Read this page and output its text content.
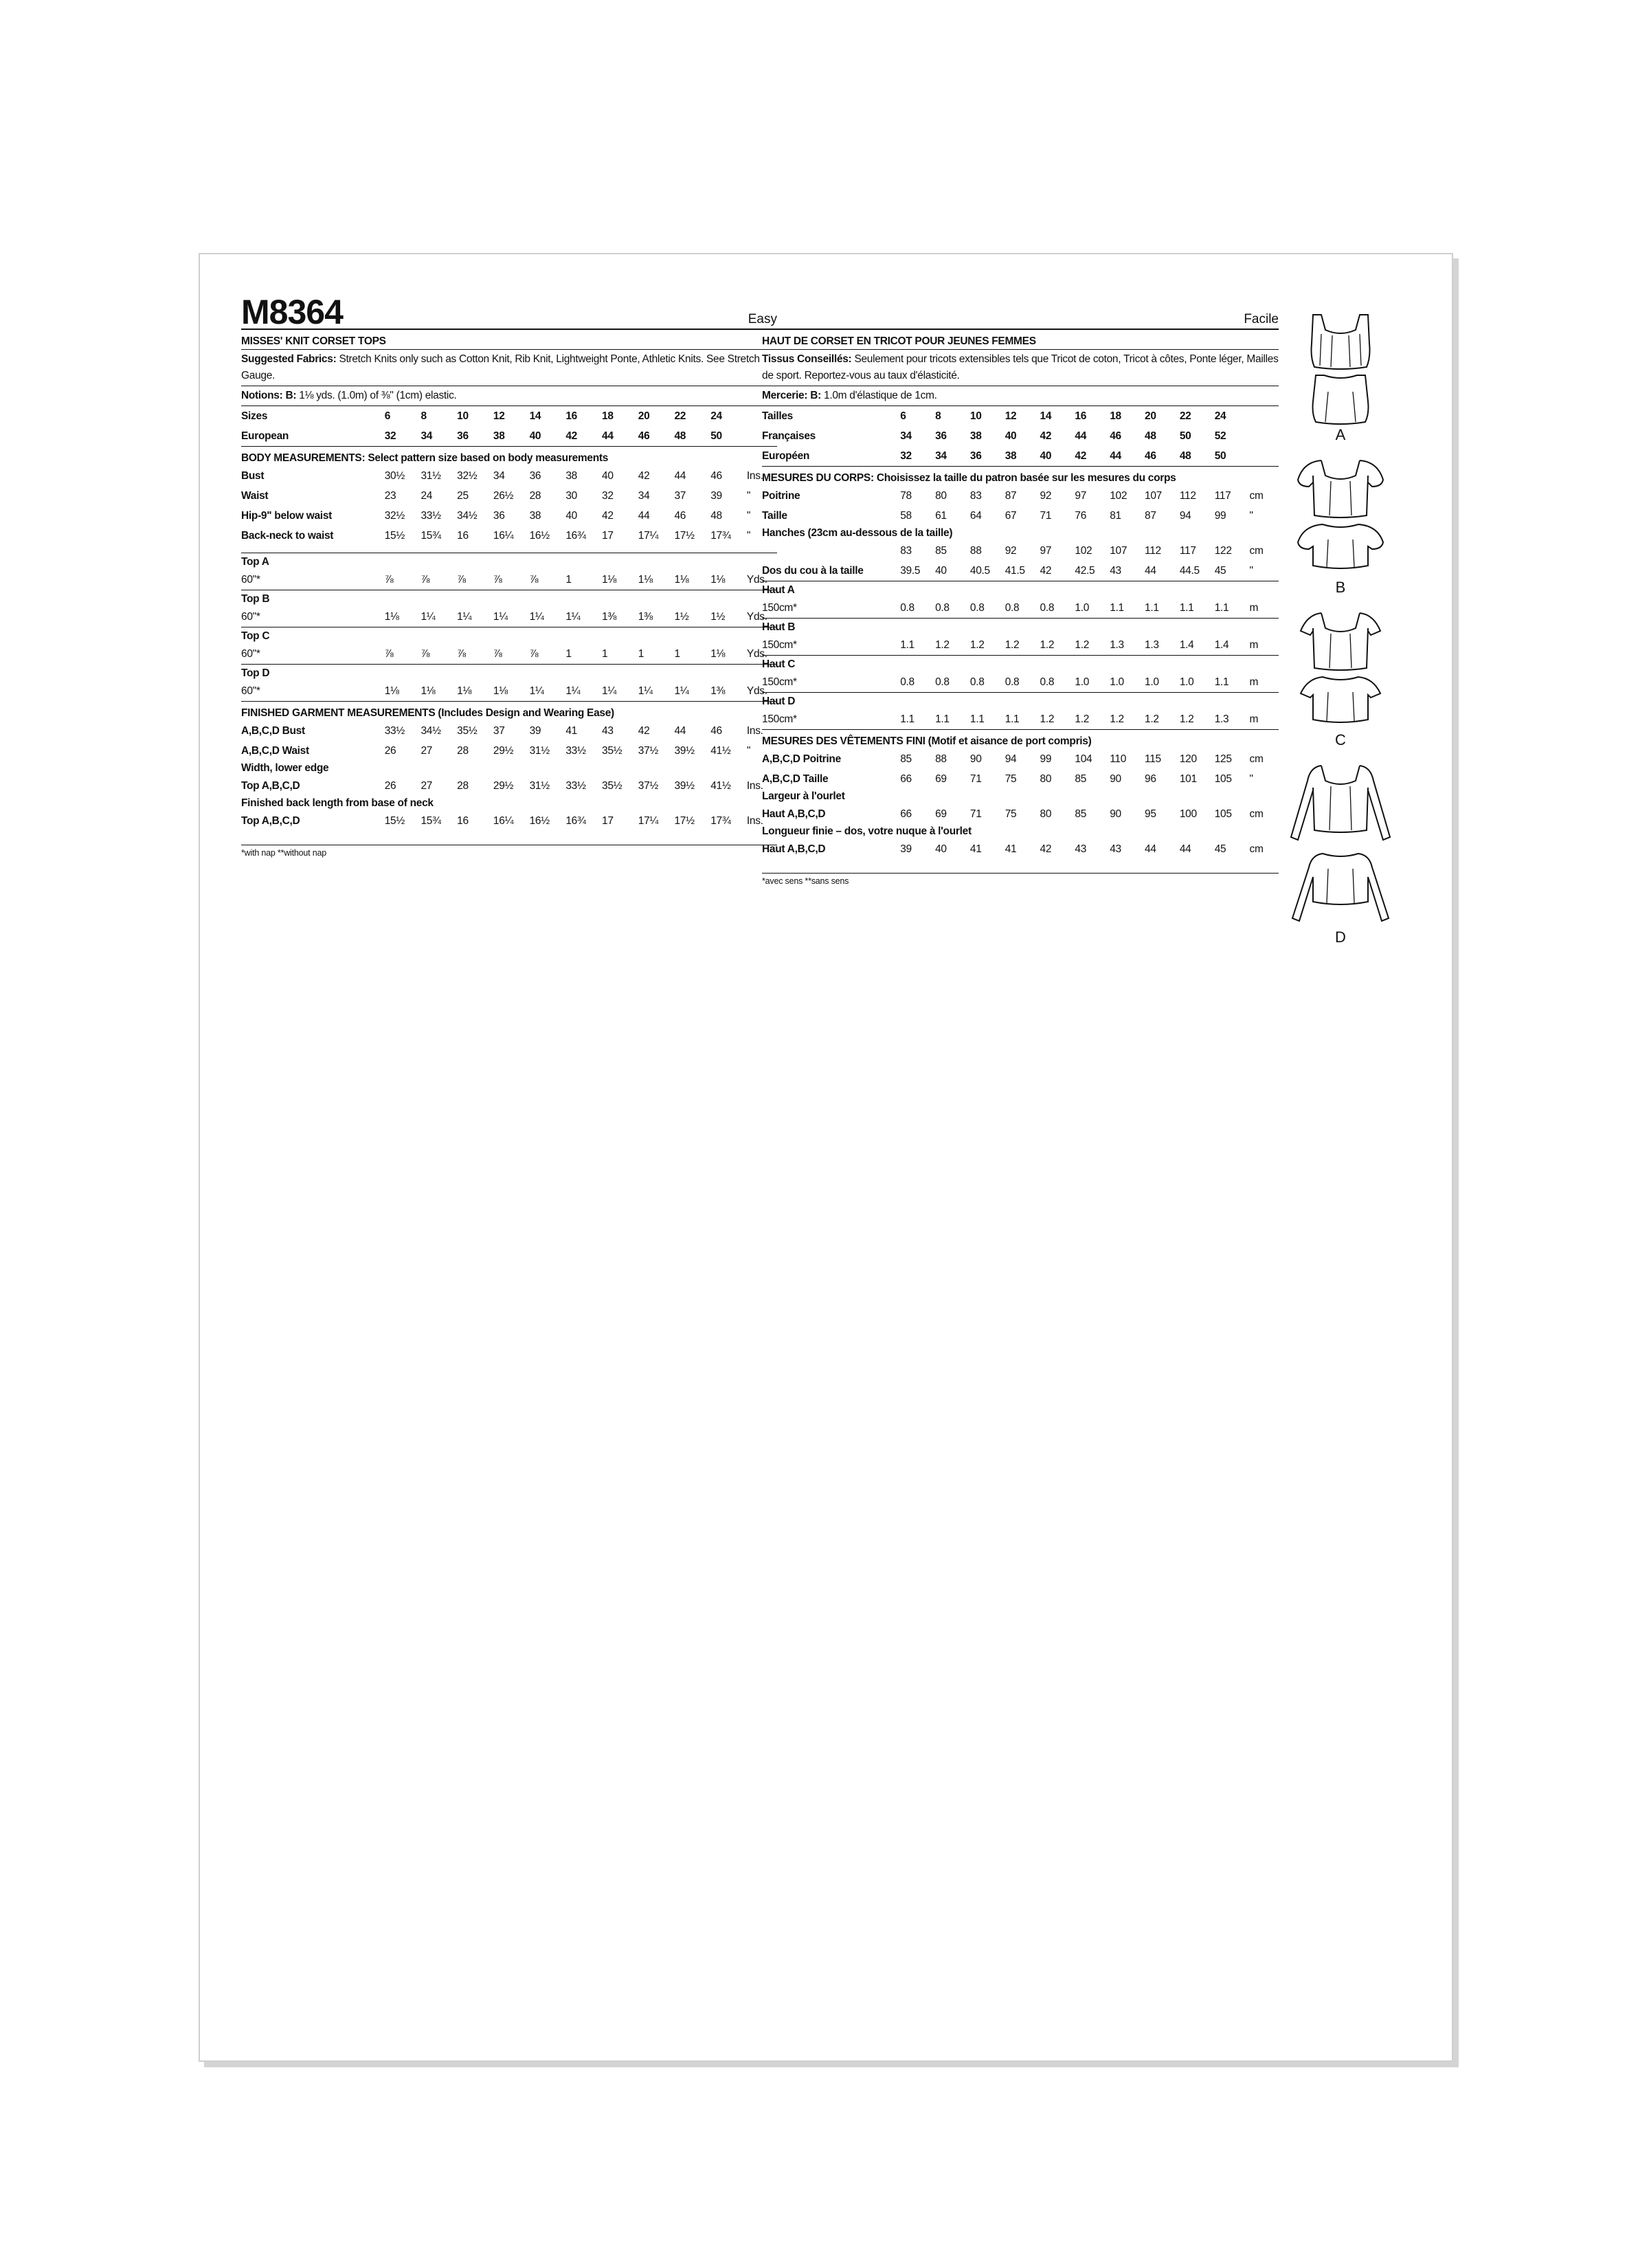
M8364	Easy
MISSES' KNIT CORSET TOPS
Suggested Fabrics: Stretch Knits only such as Cotton Knit, Rib Knit, Lightweight Ponte, Athletic Knits. See Stretch Gauge.
Notions: B: 1⅛ yds. (1.0m) of ⅜" (1cm) elastic.
Sizes	6	8	10	12	14	16	18	20	22	24	
European	32	34	36	38	40	42	44	46	48	50	
BODY MEASUREMENTS: Select pattern size based on body measurements
Bust	30½	31½	32½	34	36	38	40	42	44	46	Ins.
Waist	23	24	25	26½	28	30	32	34	37	39	"
Hip-9" below waist	32½	33½	34½	36	38	40	42	44	46	48	"
Back-neck to waist	15½	15¾	16	16¼	16½	16¾	17	17¼	17½	17¾	"
Top A
60"*	⅞	⅞	⅞	⅞	⅞	1	1⅛	1⅛	1⅛	1⅛	Yds.
Top B
60"*	1⅛	1¼	1¼	1¼	1¼	1¼	1⅜	1⅜	1½	1½	Yds.
Top C
60"*	⅞	⅞	⅞	⅞	⅞	1	1	1	1	1⅛	Yds.
Top D
60"*	1⅛	1⅛	1⅛	1⅛	1¼	1¼	1¼	1¼	1¼	1⅜	Yds.
FINISHED GARMENT MEASUREMENTS (Includes Design and Wearing Ease)
A,B,C,D Bust	33½	34½	35½	37	39	41	43	42	44	46	Ins.
A,B,C,D Waist	26	27	28	29½	31½	33½	35½	37½	39½	41½	"
Width, lower edge
Top A,B,C,D	26	27	28	29½	31½	33½	35½	37½	39½	41½	Ins.
Finished back length from base of neck
Top A,B,C,D	15½	15¾	16	16¼	16½	16¾	17	17¼	17½	17¾	Ins.
*with nap **without nap
Facile
HAUT DE CORSET EN TRICOT POUR JEUNES FEMMES
Tissus Conseillés: Seulement pour tricots extensibles tels que Tricot de coton, Tricot à côtes, Ponte léger, Mailles de sport. Reportez-vous au taux d'élasticité.
Mercerie: B: 1.0m d'élastique de 1cm.
Tailles	6	8	10	12	14	16	18	20	22	24	
Françaises	34	36	38	40	42	44	46	48	50	52	
Européen	32	34	36	38	40	42	44	46	48	50	
MESURES DU CORPS: Choisissez la taille du patron basée sur les mesures du corps
Poitrine	78	80	83	87	92	97	102	107	112	117	cm
Taille	58	61	64	67	71	76	81	87	94	99	"
Hanches (23cm au-dessous de la taille)
	83	85	88	92	97	102	107	112	117	122	cm
Dos du cou à la taille	39.5	40	40.5	41.5	42	42.5	43	44	44.5	45	"
Haut A
150cm*	0.8	0.8	0.8	0.8	0.8	1.0	1.1	1.1	1.1	1.1	m
Haut B
150cm*	1.1	1.2	1.2	1.2	1.2	1.2	1.3	1.3	1.4	1.4	m
Haut C
150cm*	0.8	0.8	0.8	0.8	0.8	1.0	1.0	1.0	1.0	1.1	m
Haut D
150cm*	1.1	1.1	1.1	1.1	1.2	1.2	1.2	1.2	1.2	1.3	m
MESURES DES VÊTEMENTS FINI (Motif et aisance de port compris)
A,B,C,D Poitrine	85	88	90	94	99	104	110	115	120	125	cm
A,B,C,D Taille	66	69	71	75	80	85	90	96	101	105	"
Largeur à l'ourlet
Haut A,B,C,D	66	69	71	75	80	85	90	95	100	105	cm
Longueur finie – dos, votre nuque à l'ourlet
Haut A,B,C,D	39	40	41	41	42	43	43	44	44	45	cm
*avec sens **sans sens
A
B
C
D
